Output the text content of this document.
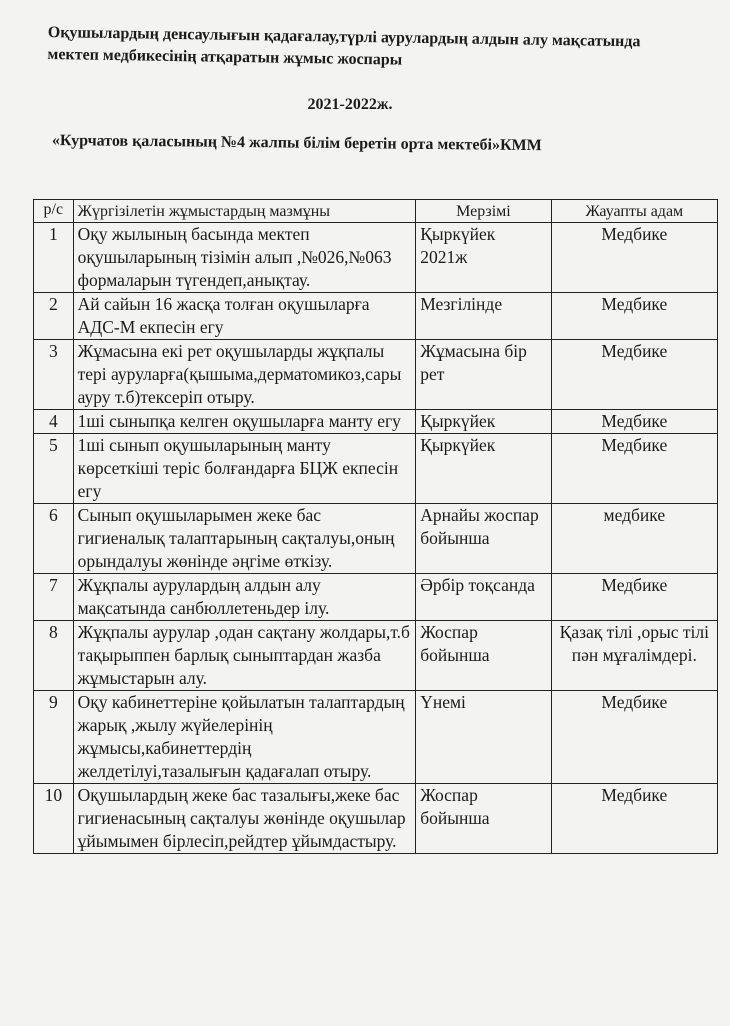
Оқушылардың денсаулығын қадағалау,түрлі аурулардың алдын алу мақсатында мектеп медбикесінің атқаратын жұмыс жоспары
2021-2022ж.
«Курчатов қаласының №4 жалпы білім беретін орта мектебі»КММ
р/с	Жүргізілетін жұмыстардың мазмұны	Мерзімі	Жауапты адам
1	Оқу жылының басында мектеп оқушыларының тізімін алып ,№026,№063 формаларын түгендеп,анықтау.	Қыркүйек 2021ж	Медбике
2	Ай сайын 16 жасқа толған оқушыларға АДС-М екпесін егу	Мезгілінде	Медбике
3	Жұмасына екі рет оқушыларды жұқпалы тері ауруларға(қышыма,дерматомикоз,сары ауру т.б)тексеріп отыру.	Жұмасына бір рет	Медбике
4	1ші сыныпқа келген оқушыларға манту егу	Қыркүйек	Медбике
5	1ші сынып оқушыларының манту көрсеткіші теріс болғандарға БЦЖ екпесін егу	Қыркүйек	Медбике
6	Сынып оқушыларымен жеке бас гигиеналық талаптарының сақталуы,оның орындалуы жөнінде әңгіме өткізу.	Арнайы жоспар бойынша	медбике
7	Жұқпалы аурулардың алдын алу мақсатында санбюллетеньдер ілу.	Әрбір тоқсанда	Медбике
8	Жұқпалы аурулар ,одан сақтану жолдары,т.б тақырыппен барлық сыныптардан жазба жұмыстарын алу.	Жоспар бойынша	Қазақ тілі ,орыс тілі пән мұғалімдері.
9	Оқу кабинеттеріне қойылатын талаптардың жарық ,жылу жүйелерінің жұмысы,кабинеттердің желдетілуі,тазалығын қадағалап отыру.	Үнемі	Медбике
10	Оқушылардың жеке бас тазалығы,жеке бас гигиенасының сақталуы жөнінде оқушылар ұйымымен бірлесіп,рейдтер ұйымдастыру.	Жоспар бойынша	Медбике
